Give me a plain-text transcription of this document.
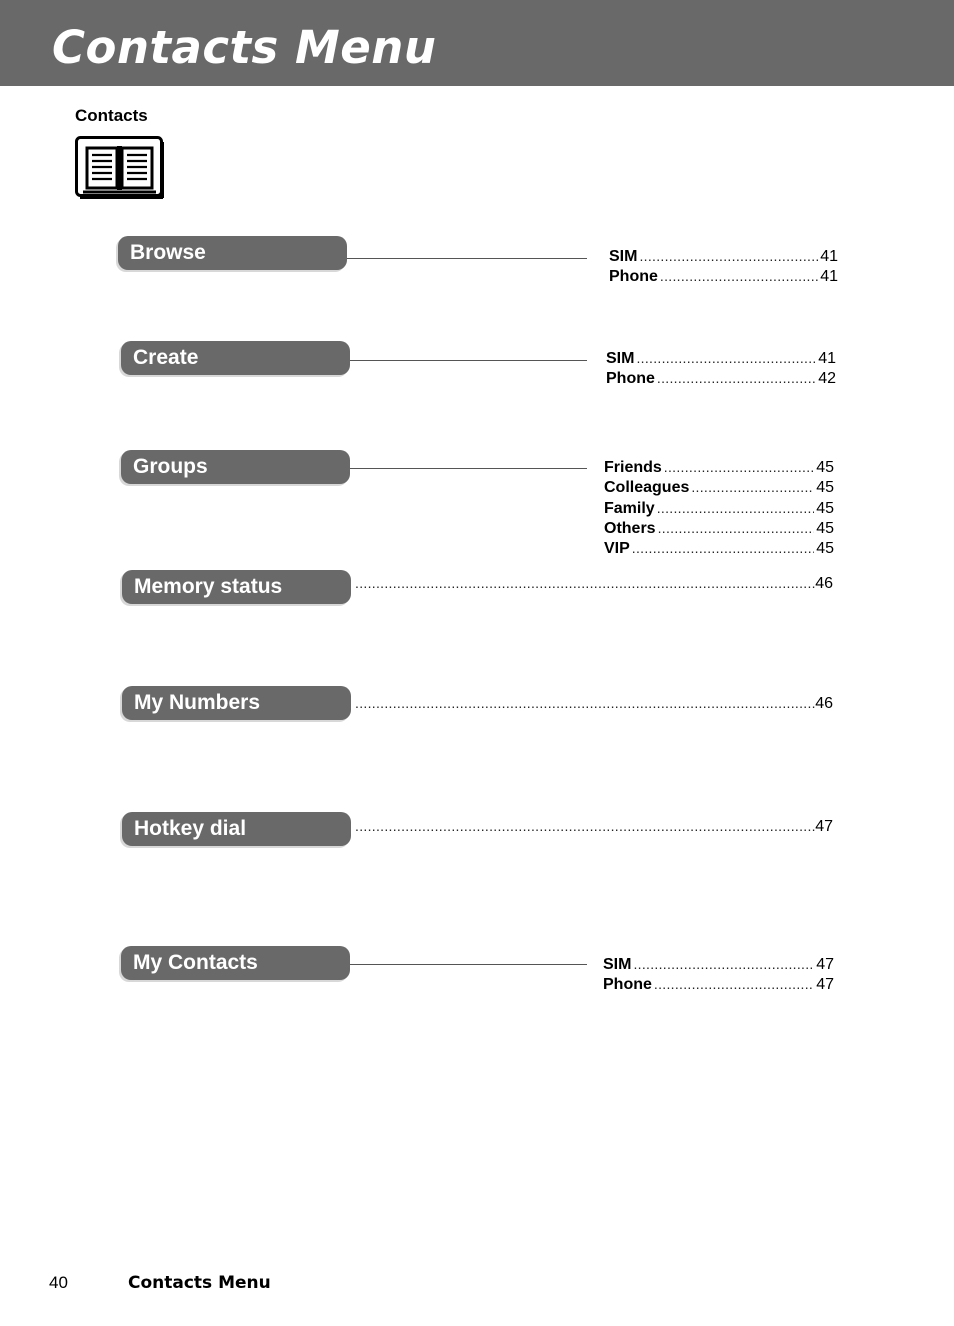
Contacts Menu
Contacts
Browse	SIM .....	41
Phone .....	41
Create	SIM .....	41
Phone .....	42
Groups	Friends .....	45
Colleagues .....	45
Family .....	45
Others .....	45
VIP .....	45
Memory status .....	46
My Numbers .....	46
Hotkey dial .....	47
My Contacts	SIM .....	47
Phone .....	47
40	Contacts Menu
